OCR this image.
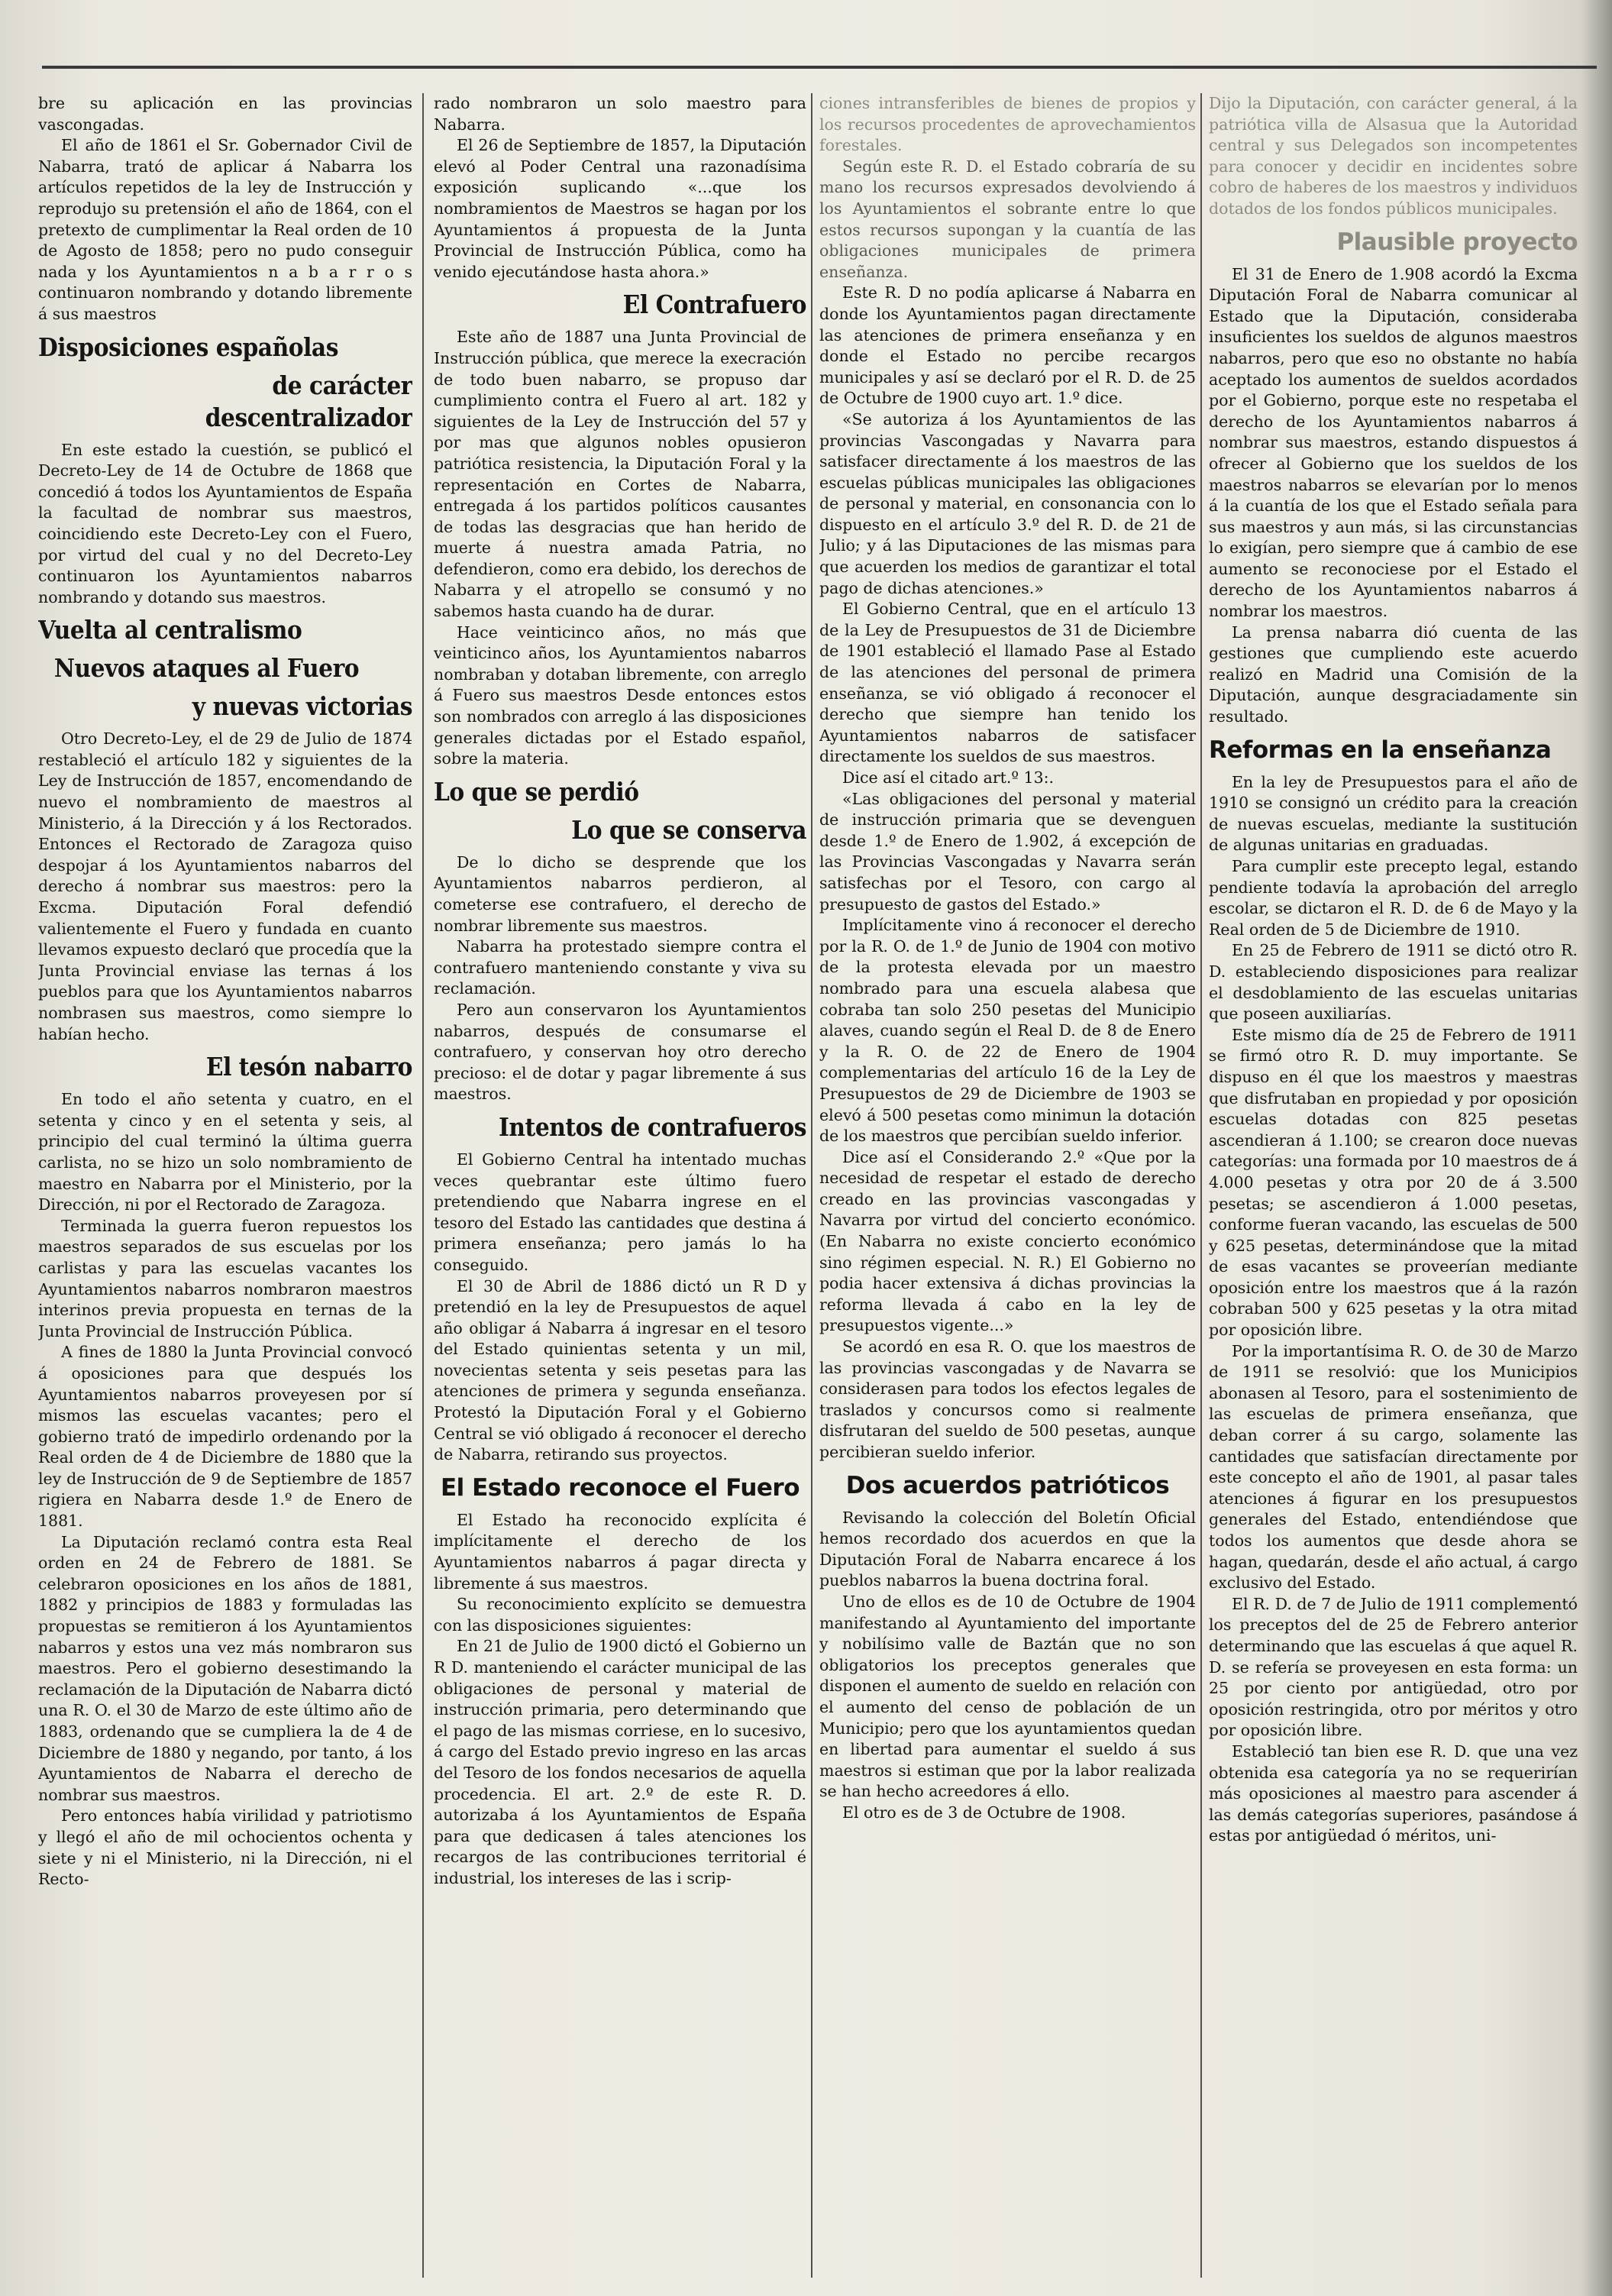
bre su aplicación en las provincias vascongadas.

El año de 1861 el Sr. Gobernador Civil de Nabarra, trató de aplicar á Nabarra los artículos repetidos de la ley de Instrucción y reprodujo su pretensión el año de 1864, con el pretexto de cumplimentar la Real orden de 10 de Agosto de 1858; pero no pudo conseguir nada y los Ayuntamientos n a b a r r o s continuaron nombrando y dotando libremente á sus maestros

Disposiciones españolas
de carácter descentralizador

En este estado la cuestión, se publicó el Decreto-Ley de 14 de Octubre de 1868 que concedió á todos los Ayuntamientos de España la facultad de nombrar sus maestros, coincidiendo este Decreto-Ley con el Fuero, por virtud del cual y no del Decreto-Ley continuaron los Ayuntamientos nabarros nombrando y dotando sus maestros.

Vuelta al centralismo
Nuevos ataques al Fuero
y nuevas victorias

Otro Decreto-Ley, el de 29 de Julio de 1874 restableció el artículo 182 y siguientes de la Ley de Instrucción de 1857, encomendando de nuevo el nombramiento de maestros al Ministerio, á la Dirección y á los Rectorados. Entonces el Rectorado de Zaragoza quiso despojar á los Ayuntamientos nabarros del derecho á nombrar sus maestros: pero la Excma. Diputación Foral defendió valientemente el Fuero y fundada en cuanto llevamos expuesto declaró que procedía que la Junta Provincial enviase las ternas á los pueblos para que los Ayuntamientos nabarros nombrasen sus maestros, como siempre lo habían hecho.

El tesón nabarro

En todo el año setenta y cuatro, en el setenta y cinco y en el setenta y seis, al principio del cual terminó la última guerra carlista, no se hizo un solo nombramiento de maestro en Nabarra por el Ministerio, por la Dirección, ni por el Rectorado de Zaragoza.

Terminada la guerra fueron repuestos los maestros separados de sus escuelas por los carlistas y para las escuelas vacantes los Ayuntamientos nabarros nombraron maestros interinos previa propuesta en ternas de la Junta Provincial de Instrucción Pública.

A fines de 1880 la Junta Provincial convocó á oposiciones para que después los Ayuntamientos nabarros proveyesen por sí mismos las escuelas vacantes; pero el gobierno trató de impedirlo ordenando por la Real orden de 4 de Diciembre de 1880 que la ley de Instrucción de 9 de Septiembre de 1857 rigiera en Nabarra desde 1.º de Enero de 1881.

La Diputación reclamó contra esta Real orden en 24 de Febrero de 1881. Se celebraron oposiciones en los años de 1881, 1882 y principios de 1883 y formuladas las propuestas se remitieron á los Ayuntamientos nabarros y estos una vez más nombraron sus maestros. Pero el gobierno desestimando la reclamación de la Diputación de Nabarra dictó una R. O. el 30 de Marzo de este último año de 1883, ordenando que se cumpliera la de 4 de Diciembre de 1880 y negando, por tanto, á los Ayuntamientos de Nabarra el derecho de nombrar sus maestros.

Pero entonces había virilidad y patriotismo y llegó el año de mil ochocientos ochenta y siete y ni el Ministerio, ni la Dirección, ni el Recto-

rado nombraron un solo maestro para Nabarra.

El 26 de Septiembre de 1857, la Diputación elevó al Poder Central una razonadísima exposición suplicando «...que los nombramientos de Maestros se hagan por los Ayuntamientos á propuesta de la Junta Provincial de Instrucción Pública, como ha venido ejecutándose hasta ahora.»

El Contrafuero

Este año de 1887 una Junta Provincial de Instrucción pública, que merece la execración de todo buen nabarro, se propuso dar cumplimiento contra el Fuero al art. 182 y siguientes de la Ley de Instrucción del 57 y por mas que algunos nobles opusieron patriótica resistencia, la Diputación Foral y la representación en Cortes de Nabarra, entregada á los partidos políticos causantes de todas las desgracias que han herido de muerte á nuestra amada Patria, no defendieron, como era debido, los derechos de Nabarra y el atropello se consumó y no sabemos hasta cuando ha de durar.

Hace veinticinco años, no más que veinticinco años, los Ayuntamientos nabarros nombraban y dotaban libremente, con arreglo á Fuero sus maestros Desde entonces estos son nombrados con arreglo á las disposiciones generales dictadas por el Estado español, sobre la materia.

Lo que se perdió
Lo que se conserva

De lo dicho se desprende que los Ayuntamientos nabarros perdieron, al cometerse ese contrafuero, el derecho de nombrar libremente sus maestros.

Nabarra ha protestado siempre contra el contrafuero manteniendo constante y viva su reclamación.

Pero aun conservaron los Ayuntamientos nabarros, después de consumarse el contrafuero, y conservan hoy otro derecho precioso: el de dotar y pagar libremente á sus maestros.

Intentos de contrafueros

El Gobierno Central ha intentado muchas veces quebrantar este último fuero pretendiendo que Nabarra ingrese en el tesoro del Estado las cantidades que destina á primera enseñanza; pero jamás lo ha conseguido.

El 30 de Abril de 1886 dictó un R D y pretendió en la ley de Presupuestos de aquel año obligar á Nabarra á ingresar en el tesoro del Estado quinientas setenta y un mil, novecientas setenta y seis pesetas para las atenciones de primera y segunda enseñanza. Protestó la Diputación Foral y el Gobierno Central se vió obligado á reconocer el derecho de Nabarra, retirando sus proyectos.

El Estado reconoce el Fuero

El Estado ha reconocido explícita é implícitamente el derecho de los Ayuntamientos nabarros á pagar directa y libremente á sus maestros.

Su reconocimiento explícito se demuestra con las disposiciones siguientes:

En 21 de Julio de 1900 dictó el Gobierno un R D. manteniendo el carácter municipal de las obligaciones de personal y material de instrucción primaria, pero determinando que el pago de las mismas corriese, en lo sucesivo, á cargo del Estado previo ingreso en las arcas del Tesoro de los fondos necesarios de aquella procedencia. El art. 2.º de este R. D. autorizaba á los Ayuntamientos de España para que dedicasen á tales atenciones los recargos de las contribuciones territorial é industrial, los intereses de las i scrip-

ciones intransferibles de bienes de propios y los recursos procedentes de aprovechamientos forestales.

Según este R. D. el Estado cobraría de su mano los recursos expresados devolviendo á los Ayuntamientos el sobrante entre lo que estos recursos supongan y la cuantía de las obligaciones municipales de primera enseñanza.

Este R. D no podía aplicarse á Nabarra en donde los Ayuntamientos pagan directamente las atenciones de primera enseñanza y en donde el Estado no percibe recargos municipales y así se declaró por el R. D. de 25 de Octubre de 1900 cuyo art. 1.º dice.

«Se autoriza á los Ayuntamientos de las provincias Vascongadas y Navarra para satisfacer directamente á los maestros de las escuelas públicas municipales las obligaciones de personal y material, en consonancia con lo dispuesto en el artículo 3.º del R. D. de 21 de Julio; y á las Diputaciones de las mismas para que acuerden los medios de garantizar el total pago de dichas atenciones.»

El Gobierno Central, que en el artículo 13 de la Ley de Presupuestos de 31 de Diciembre de 1901 estableció el llamado Pase al Estado de las atenciones del personal de primera enseñanza, se vió obligado á reconocer el derecho que siempre han tenido los Ayuntamientos nabarros de satisfacer directamente los sueldos de sus maestros.

Dice así el citado art.º 13:.

«Las obligaciones del personal y material de instrucción primaria que se devenguen desde 1.º de Enero de 1.902, á excepción de las Provincias Vascongadas y Navarra serán satisfechas por el Tesoro, con cargo al presupuesto de gastos del Estado.»

Implícitamente vino á reconocer el derecho por la R. O. de 1.º de Junio de 1904 con motivo de la protesta elevada por un maestro nombrado para una escuela alabesa que cobraba tan solo 250 pesetas del Municipio alaves, cuando según el Real D. de 8 de Enero y la R. O. de 22 de Enero de 1904 complementarias del artículo 16 de la Ley de Presupuestos de 29 de Diciembre de 1903 se elevó á 500 pesetas como minimun la dotación de los maestros que percibían sueldo inferior.

Dice así el Considerando 2.º «Que por la necesidad de respetar el estado de derecho creado en las provincias vascongadas y Navarra por virtud del concierto económico. (En Nabarra no existe concierto económico sino régimen especial. N. R.) El Gobierno no podia hacer extensiva á dichas provincias la reforma llevada á cabo en la ley de presupuestos vigente...»

Se acordó en esa R. O. que los maestros de las provincias vascongadas y de Navarra se considerasen para todos los efectos legales de traslados y concursos como si realmente disfrutaran del sueldo de 500 pesetas, aunque percibieran sueldo inferior.

Dos acuerdos patrióticos

Revisando la colección del Boletín Oficial hemos recordado dos acuerdos en que la Diputación Foral de Nabarra encarece á los pueblos nabarros la buena doctrina foral.

Uno de ellos es de 10 de Octubre de 1904 manifestando al Ayuntamiento del importante y nobilísimo valle de Baztán que no son obligatorios los preceptos generales que disponen el aumento de sueldo en relación con el aumento del censo de población de un Municipio; pero que los ayuntamientos quedan en libertad para aumentar el sueldo á sus maestros si estiman que por la labor realizada se han hecho acreedores á ello.

El otro es de 3 de Octubre de 1908.

Dijo la Diputación, con carácter general, á la patriótica villa de Alsasua que la Autoridad central y sus Delegados son incompetentes para conocer y decidir en incidentes sobre cobro de haberes de los maestros y individuos dotados de los fondos públicos municipales.

Plausible proyecto

El 31 de Enero de 1.908 acordó la Excma Diputación Foral de Nabarra comunicar al Estado que la Diputación, consideraba insuficientes los sueldos de algunos maestros nabarros, pero que eso no obstante no había aceptado los aumentos de sueldos acordados por el Gobierno, porque este no respetaba el derecho de los Ayuntamientos nabarros á nombrar sus maestros, estando dispuestos á ofrecer al Gobierno que los sueldos de los maestros nabarros se elevarían por lo menos á la cuantía de los que el Estado señala para sus maestros y aun más, si las circunstancias lo exigían, pero siempre que á cambio de ese aumento se reconociese por el Estado el derecho de los Ayuntamientos nabarros á nombrar los maestros.

La prensa nabarra dió cuenta de las gestiones que cumpliendo este acuerdo realizó en Madrid una Comisión de la Diputación, aunque desgraciadamente sin resultado.

Reformas en la enseñanza

En la ley de Presupuestos para el año de 1910 se consignó un crédito para la creación de nuevas escuelas, mediante la sustitución de algunas unitarias en graduadas.

Para cumplir este precepto legal, estando pendiente todavía la aprobación del arreglo escolar, se dictaron el R. D. de 6 de Mayo y la Real orden de 5 de Diciembre de 1910.

En 25 de Febrero de 1911 se dictó otro R. D. estableciendo disposiciones para realizar el desdoblamiento de las escuelas unitarias que poseen auxiliarías.

Este mismo día de 25 de Febrero de 1911 se firmó otro R. D. muy importante. Se dispuso en él que los maestros y maestras que disfrutaban en propiedad y por oposición escuelas dotadas con 825 pesetas ascendieran á 1.100; se crearon doce nuevas categorías: una formada por 10 maestros de á 4.000 pesetas y otra por 20 de á 3.500 pesetas; se ascendieron á 1.000 pesetas, conforme fueran vacando, las escuelas de 500 y 625 pesetas, determinándose que la mitad de esas vacantes se proveerían mediante oposición entre los maestros que á la razón cobraban 500 y 625 pesetas y la otra mitad por oposición libre.

Por la importantísima R. O. de 30 de Marzo de 1911 se resolvió: que los Municipios abonasen al Tesoro, para el sostenimiento de las escuelas de primera enseñanza, que deban correr á su cargo, solamente las cantidades que satisfacían directamente por este concepto el año de 1901, al pasar tales atenciones á figurar en los presupuestos generales del Estado, entendiéndose que todos los aumentos que desde ahora se hagan, quedarán, desde el año actual, á cargo exclusivo del Estado.

El R. D. de 7 de Julio de 1911 complementó los preceptos del de 25 de Febrero anterior determinando que las escuelas á que aquel R. D. se refería se proveyesen en esta forma: un 25 por ciento por antigüedad, otro por oposición restringida, otro por méritos y otro por oposición libre.

Estableció tan bien ese R. D. que una vez obtenida esa categoría ya no se requerirían más oposiciones al maestro para ascender á las demás categorías superiores, pasándose á estas por antigüedad ó méritos, uni-
